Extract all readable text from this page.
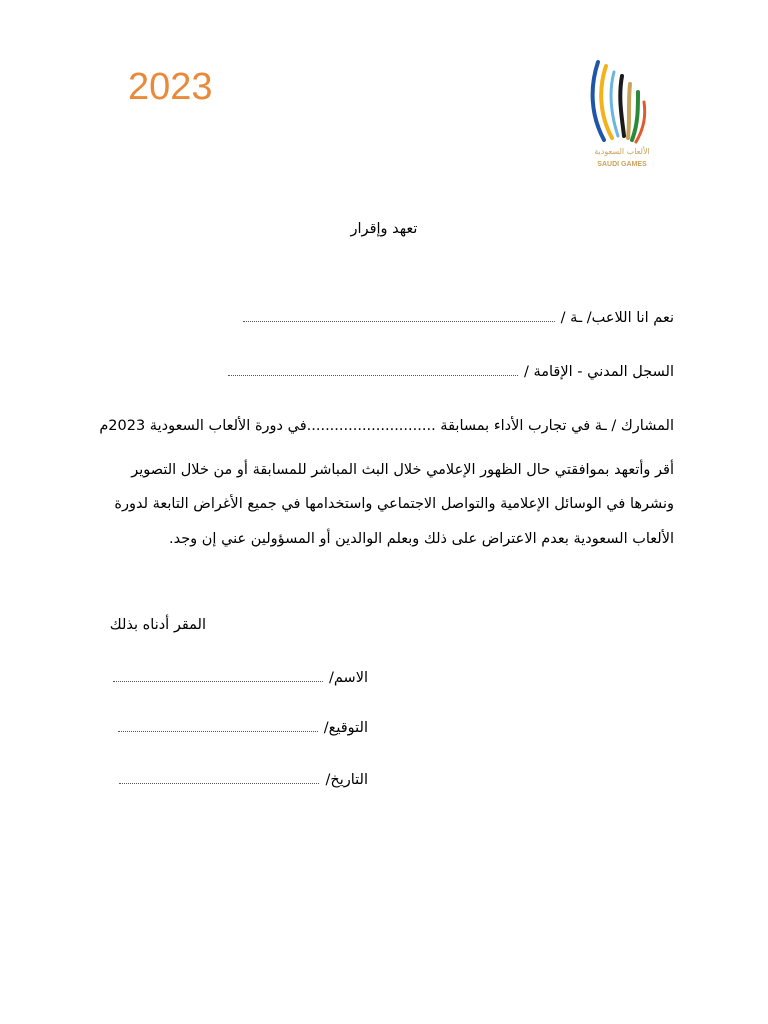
2023
الألعاب السعودية
SAUDI GAMES
تعهد وإقرار
نعم انا اللاعب/ ـة /
السجل المدني - الإقامة /
المشارك / ـة في تجارب الأداء بمسابقة ............................في دورة الألعاب السعودية 2023م
أقر وأتعهد بموافقتي حال الظهور الإعلامي خلال البث المباشر للمسابقة أو من خلال التصوير
ونشرها في الوسائل الإعلامية والتواصل الاجتماعي واستخدامها في جميع الأغراض التابعة لدورة
الألعاب السعودية بعدم الاعتراض على ذلك وبعلم الوالدين أو المسؤولين عني إن وجد.
المقر أدناه بذلك
الاسم/
التوقيع/
التاريخ/
